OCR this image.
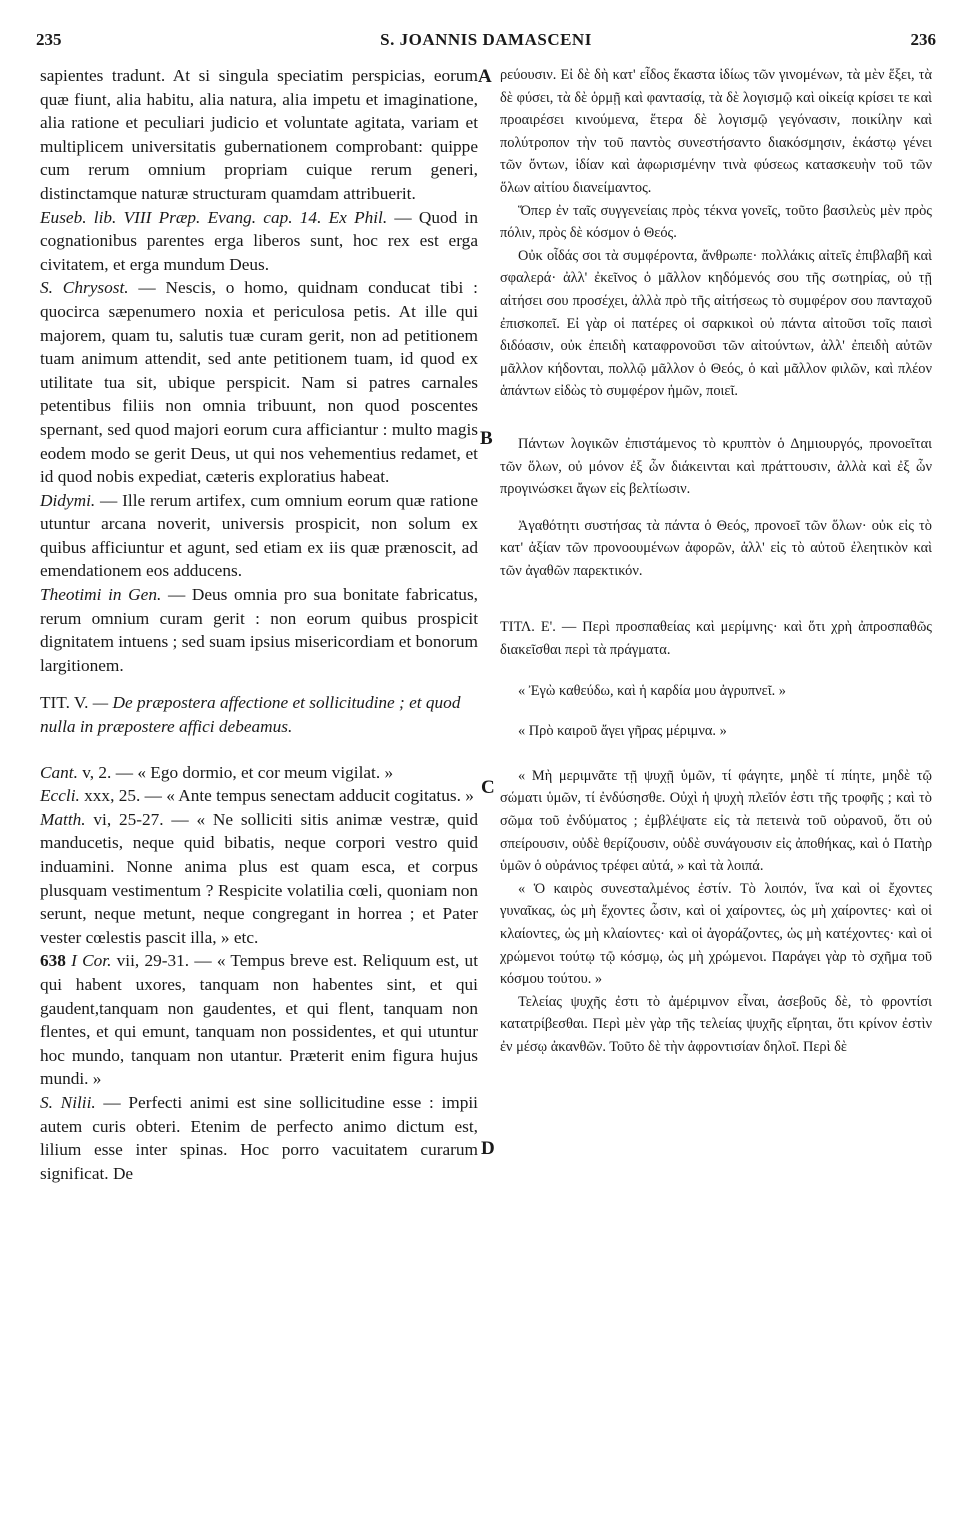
235	S. JOANNIS DAMASCENI	236
A
B
C
D

sapientes tradunt. At si singula speciatim perspicias, eorum quæ fiunt, alia habitu, alia natura, alia impetu et imaginatione, alia ratione et peculiari judicio et voluntate agitata, variam et multiplicem universitatis gubernationem comprobant: quippe cum rerum omnium propriam cuique rerum generi, distinctamque naturæ structuram quamdam attribuerit.

Euseb. lib. VIII Præp. Evang. cap. 14. Ex Phil. — Quod in cognationibus parentes erga liberos sunt, hoc rex est erga civitatem, et erga mundum Deus.

S. Chrysost. — Nescis, o homo, quidnam conducat tibi : quocirca sæpenumero noxia et periculosa petis. At ille qui majorem, quam tu, salutis tuæ curam gerit, non ad petitionem tuam animum attendit, sed ante petitionem tuam, id quod ex utilitate tua sit, ubique perspicit. Nam si patres carnales petentibus filiis non omnia tribuunt, non quod poscentes spernant, sed quod majori eorum cura afficiantur : multo magis eodem modo se gerit Deus, ut qui nos vehementius redamet, et id quod nobis expediat, cæteris exploratius habeat.

Didymi. — Ille rerum artifex, cum omnium eorum quæ ratione utuntur arcana noverit, universis prospicit, non solum ex quibus afficiuntur et agunt, sed etiam ex iis quæ prænoscit, ad emendationem eos adducens.

Theotimi in Gen. — Deus omnia pro sua bonitate fabricatus, rerum omnium curam gerit : non eorum quibus prospicit dignitatem intuens ; sed suam ipsius misericordiam et bonorum largitionem.

TIT. V. — De præpostera affectione et sollicitudine ; et quod nulla in præpostere affici debeamus.

Cant. v, 2. — « Ego dormio, et cor meum vigilat. »

Eccli. xxx, 25. — « Ante tempus senectam adducit cogitatus. »

Matth. vi, 25-27. — « Ne solliciti sitis animæ vestræ, quid manducetis, neque quid bibatis, neque corpori vestro quid induamini. Nonne anima plus est quam esca, et corpus plusquam vestimentum ? Respicite volatilia cœli, quoniam non serunt, neque metunt, neque congregant in horrea ; et Pater vester cœlestis pascit illa, » etc.

638 I Cor. vii, 29-31. — « Tempus breve est. Reliquum est, ut qui habent uxores, tanquam non habentes sint, et qui gaudent,tanquam non gaudentes, et qui flent, tanquam non flentes, et qui emunt, tanquam non possidentes, et qui utuntur hoc mundo, tanquam non utantur. Præterit enim figura hujus mundi. »

S. Nilii. — Perfecti animi est sine sollicitudine esse : impii autem curis obteri. Etenim de perfecto animo dictum est, lilium esse inter spinas. Hoc porro vacuitatem curarum significat. De

ρεύουσιν. Εἰ δὲ δὴ κατ' εἶδος ἕκαστα ἰδίως τῶν γινομένων, τὰ μὲν ἕξει, τὰ δὲ φύσει, τὰ δὲ ὁρμῇ καὶ φαντασίᾳ, τὰ δὲ λογισμῷ καὶ οἰκείᾳ κρίσει τε καὶ προαιρέσει κινούμενα, ἕτερα δὲ λογισμῷ γεγόνασιν, ποικίλην καὶ πολύτροπον τὴν τοῦ παντὸς συνεστήσαντο διακόσμησιν, ἑκάστῳ γένει τῶν ὄντων, ἰδίαν καὶ ἀφωρισμένην τινὰ φύσεως κατασκευὴν τοῦ τῶν ὅλων αἰτίου διανείμαντος.

Ὅπερ ἐν ταῖς συγγενείαις πρὸς τέκνα γονεῖς, τοῦτο βασιλεὺς μὲν πρὸς πόλιν, πρὸς δὲ κόσμον ὁ Θεός.

Οὐκ οἶδάς σοι τὰ συμφέροντα, ἄνθρωπε· πολλάκις αἰτεῖς ἐπιβλαβῆ καὶ σφαλερά· ἀλλ' ἐκεῖνος ὁ μᾶλλον κηδόμενός σου τῆς σωτηρίας, οὐ τῇ αἰτήσει σου προσέχει, ἀλλὰ πρὸ τῆς αἰτήσεως τὸ συμφέρον σου πανταχοῦ ἐπισκοπεῖ. Εἰ γὰρ οἱ πατέρες οἱ σαρκικοὶ οὐ πάντα αἰτοῦσι τοῖς παισὶ διδόασιν, οὐκ ἐπειδὴ καταφρονοῦσι τῶν αἰτούντων, ἀλλ' ἐπειδὴ αὐτῶν μᾶλλον κήδονται, πολλῷ μᾶλλον ὁ Θεός, ὁ καὶ μᾶλλον φιλῶν, καὶ πλέον ἁπάντων εἰδὼς τὸ συμφέρον ἡμῶν, ποιεῖ.

Πάντων λογικῶν ἐπιστάμενος τὸ κρυπτὸν ὁ Δημιουργός, προνοεῖται τῶν ὅλων, οὐ μόνον ἐξ ὧν διάκεινται καὶ πράττουσιν, ἀλλὰ καὶ ἐξ ὧν προγινώσκει ἄγων εἰς βελτίωσιν.

Ἀγαθότητι συστήσας τὰ πάντα ὁ Θεός, προνοεῖ τῶν ὅλων· οὐκ εἰς τὸ κατ' ἀξίαν τῶν προνοουμένων ἀφορῶν, ἀλλ' εἰς τὸ αὐτοῦ ἐλεητικὸν καὶ τῶν ἀγαθῶν παρεκτικόν.

ΤΙΤΛ. Ε'. — Περὶ προσπαθείας καὶ μερίμνης· καὶ ὅτι χρὴ ἀπροσπαθῶς διακεῖσθαι περὶ τὰ πράγματα.

« Ἐγὼ καθεύδω, καὶ ἡ καρδία μου ἀγρυπνεῖ. »

« Πρὸ καιροῦ ἄγει γῆρας μέριμνα. »

« Μὴ μεριμνᾶτε τῇ ψυχῇ ὑμῶν, τί φάγητε, μηδὲ τί πίητε, μηδὲ τῷ σώματι ὑμῶν, τί ἐνδύσησθε. Οὐχὶ ἡ ψυχὴ πλεῖόν ἐστι τῆς τροφῆς ; καὶ τὸ σῶμα τοῦ ἐνδύματος ; ἐμβλέψατε εἰς τὰ πετεινὰ τοῦ οὐρανοῦ, ὅτι οὐ σπείρουσιν, οὐδὲ θερίζουσιν, οὐδὲ συνάγουσιν εἰς ἀποθήκας, καὶ ὁ Πατὴρ ὑμῶν ὁ οὐράνιος τρέφει αὐτά, » καὶ τὰ λοιπά.

« Ὁ καιρὸς συνεσταλμένος ἐστίν. Τὸ λοιπόν, ἵνα καὶ οἱ ἔχοντες γυναῖκας, ὡς μὴ ἔχοντες ὦσιν, καὶ οἱ χαίροντες, ὡς μὴ χαίροντες· καὶ οἱ κλαίοντες, ὡς μὴ κλαίοντες· καὶ οἱ ἀγοράζοντες, ὡς μὴ κατέχοντες· καὶ οἱ χρώμενοι τούτῳ τῷ κόσμῳ, ὡς μὴ χρώμενοι. Παράγει γὰρ τὸ σχῆμα τοῦ κόσμου τούτου. »

Τελείας ψυχῆς ἐστι τὸ ἀμέριμνον εἶναι, ἀσεβοῦς δὲ, τὸ φροντίσι κατατρίβεσθαι. Περὶ μὲν γὰρ τῆς τελείας ψυχῆς εἴρηται, ὅτι κρίνον ἐστὶν ἐν μέσῳ ἀκανθῶν. Τοῦτο δὲ τὴν ἀφροντισίαν δηλοῖ. Περὶ δὲ
